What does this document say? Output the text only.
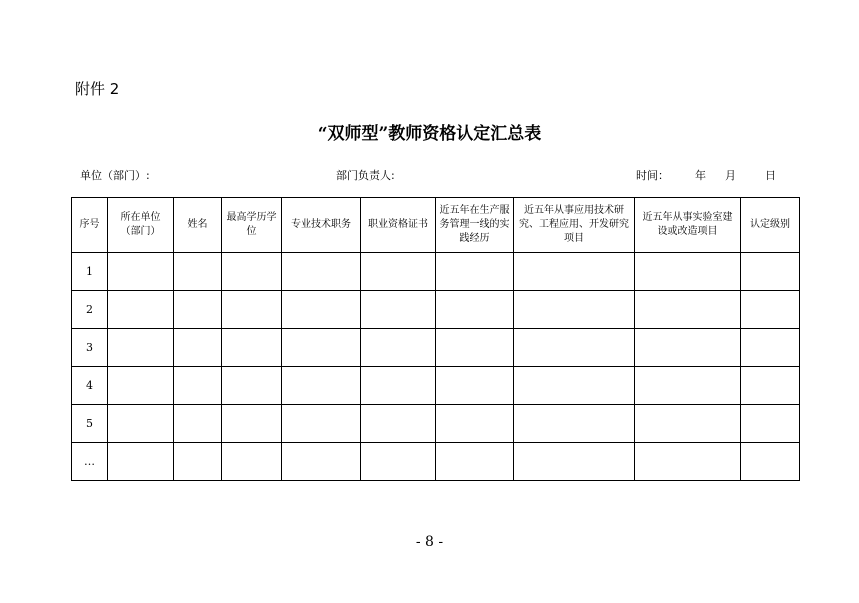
附件 2
“双师型”教师资格认定汇总表
单位（部门）:	部门负责人:	时间： 年 月	日
序号	所在单位（部门）	姓名	最高学历学位	专业技术职务	职业资格证书	近五年在生产服务管理一线的实践经历	近五年从事应用技术研究、工程应用、开发研究项目	近五年从事实验室建设或改造项目	认定级别
1									
2									
3									
4									
5									
…									
- 8 -
